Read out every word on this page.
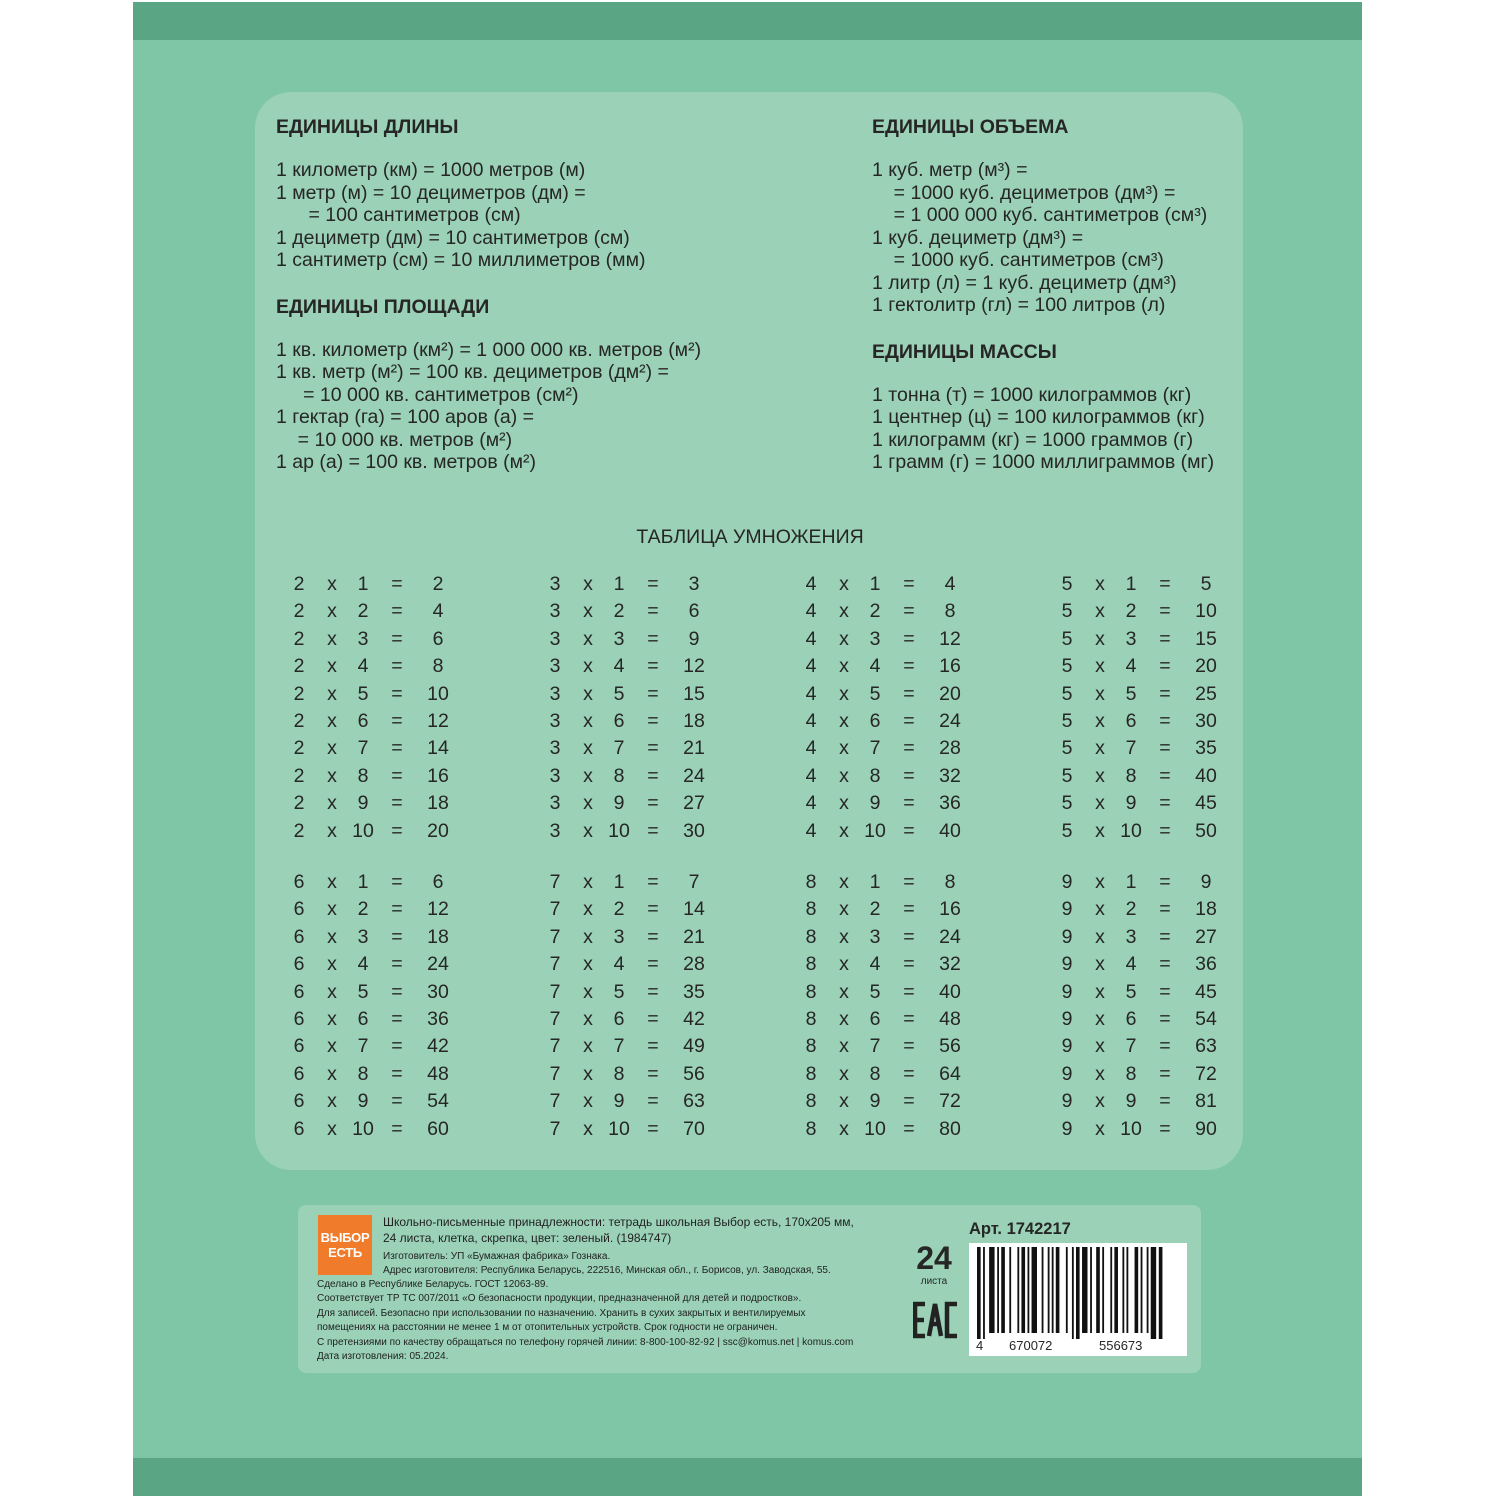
ЕДИНИЦЫ ДЛИНЫ
1 километр (км) = 1000 метров (м)
1 метр (м) = 10 дециметров (дм) =
= 100 сантиметров (см)
1 дециметр (дм) = 10 сантиметров (см)
1 сантиметр (см) = 10 миллиметров (мм)
ЕДИНИЦЫ ПЛОЩАДИ
1 кв. километр (км²) = 1 000 000 кв. метров (м²)
1 кв. метр (м²) = 100 кв. дециметров (дм²) =
= 10 000 кв. сантиметров (см²)
1 гектар (га) = 100 аров (а) =
= 10 000 кв. метров (м²)
1 ар (а) = 100 кв. метров (м²)
ЕДИНИЦЫ ОБЪЕМА
1 куб. метр (м³) =
= 1000 куб. дециметров (дм³) =
= 1 000 000 куб. сантиметров (см³)
1 куб. дециметр (дм³) =
= 1000 куб. сантиметров (см³)
1 литр (л) = 1 куб. дециметр (дм³)
1 гектолитр (гл) = 100 литров (л)
ЕДИНИЦЫ МАССЫ
1 тонна (т) = 1000 килограммов (кг)
1 центнер (ц) = 100 килограммов (кг)
1 килограмм (кг) = 1000 граммов (г)
1 грамм (г) = 1000 миллиграммов (мг)
ТАБЛИЦА УМНОЖЕНИЯ
2	x	1	=	2
2	x	2	=	4
2	x	3	=	6
2	x	4	=	8
2	x	5	=	10
2	x	6	=	12
2	x	7	=	14
2	x	8	=	16
2	x	9	=	18
2	x 10 =	20
3	x	1	=	3
3	x	2	=	6
3	x	3	=	9
3	x	4	=	12
3	x	5	=	15
3	x	6	=	18
3	x	7	=	21
3	x	8	=	24
3	x	9	=	27
3	x 10 =	30
4	x	1	=	4
4	x	2	=	8
4	x	3	=	12
4	x	4	=	16
4	x	5	=	20
4	x	6	=	24
4	x	7	=	28
4	x	8	=	32
4	x	9	=	36
4	x 10 =	40
5	x	1	=	5
5	x	2	=	10
5	x	3	=	15
5	x	4	=	20
5	x	5	=	25
5	x	6	=	30
5	x	7	=	35
5	x	8	=	40
5	x	9	=	45
5	x 10 =	50
6	x	1	=	6
6	x	2	=	12
6	x	3	=	18
6	x	4	=	24
6	x	5	=	30
6	x	6	=	36
6	x	7	=	42
6	x	8	=	48
6	x	9	=	54
6	x 10 =	60
7	x	1	=	7
7	x	2	=	14
7	x	3	=	21
7	x	4	=	28
7	x	5	=	35
7	x	6	=	42
7	x	7	=	49
7	x	8	=	56
7	x	9	=	63
7	x 10 =	70
8	x	1	=	8
8	x	2	=	16
8	x	3	=	24
8	x	4	=	32
8	x	5	=	40
8	x	6	=	48
8	x	7	=	56
8	x	8	=	64
8	x	9	=	72
8	x 10 =	80
9	x	1	=	9
9	x	2	=	18
9	x	3	=	27
9	x	4	=	36
9	x	5	=	45
9	x	6	=	54
9	x	7	=	63
9	x	8	=	72
9	x	9	=	81
9	x 10 =	90
ВЫБОР
ЕСТЬ
Школьно-письменные принадлежности: тетрадь школьная Выбор есть, 170х205 мм,
24 листа, клетка, скрепка, цвет: зеленый. (1984747)
Изготовитель: УП «Бумажная фабрика» Гознака.
Адрес изготовителя: Республика Беларусь, 222516, Минская обл., г. Борисов, ул. Заводская, 55.
Сделано в Республике Беларусь. ГОСТ 12063-89.
Соответствует ТР ТС 007/2011 «О безопасности продукции, предназначенной для детей и подростков».
Для записей. Безопасно при использовании по назначению. Хранить в сухих закрытых и вентилируемых
помещениях на расстоянии не менее 1 м от отопительных устройств. Срок годности не ограничен.
С претензиями по качеству обращаться по телефону горячей линии: 8-800-100-82-92 | ssc@komus.net | komus.com
Дата изготовления: 05.2024.
Арт. 1742217
24
листа
4 670072	556673
